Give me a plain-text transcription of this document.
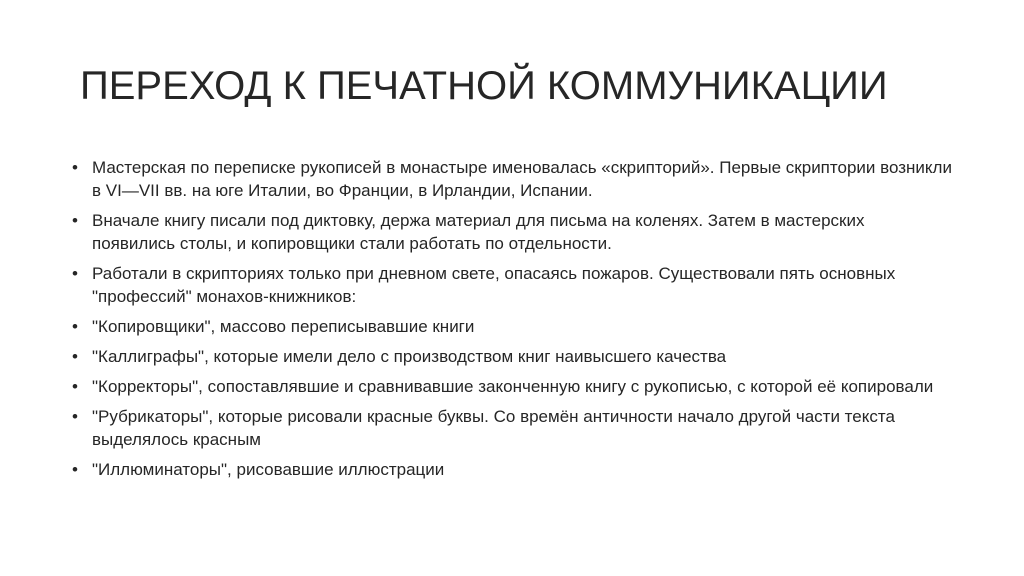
ПЕРЕХОД К ПЕЧАТНОЙ КОММУНИКАЦИИ
• Мастерская по переписке рукописей в монастыре именовалась «скрипторий». Первые скриптории возникли в VI—VII вв. на юге Италии, во Франции, в Ирландии, Испании.
• Вначале книгу писали под диктовку, держа материал для письма на коленях. Затем в мастерских появились столы, и копировщики стали работать по отдельности.
• Работали в скрипториях только при дневном свете, опасаясь пожаров. Существовали пять основных "профессий" монахов-книжников:
• "Копировщики", массово переписывавшие книги
• "Каллиграфы", которые имели дело с производством книг наивысшего качества
• "Корректоры", сопоставлявшие и сравнивавшие законченную книгу с рукописью, с которой её копировали
• "Рубрикаторы", которые рисовали красные буквы. Со времён античности начало другой части текста выделялось красным
• "Иллюминаторы", рисовавшие иллюстрации
